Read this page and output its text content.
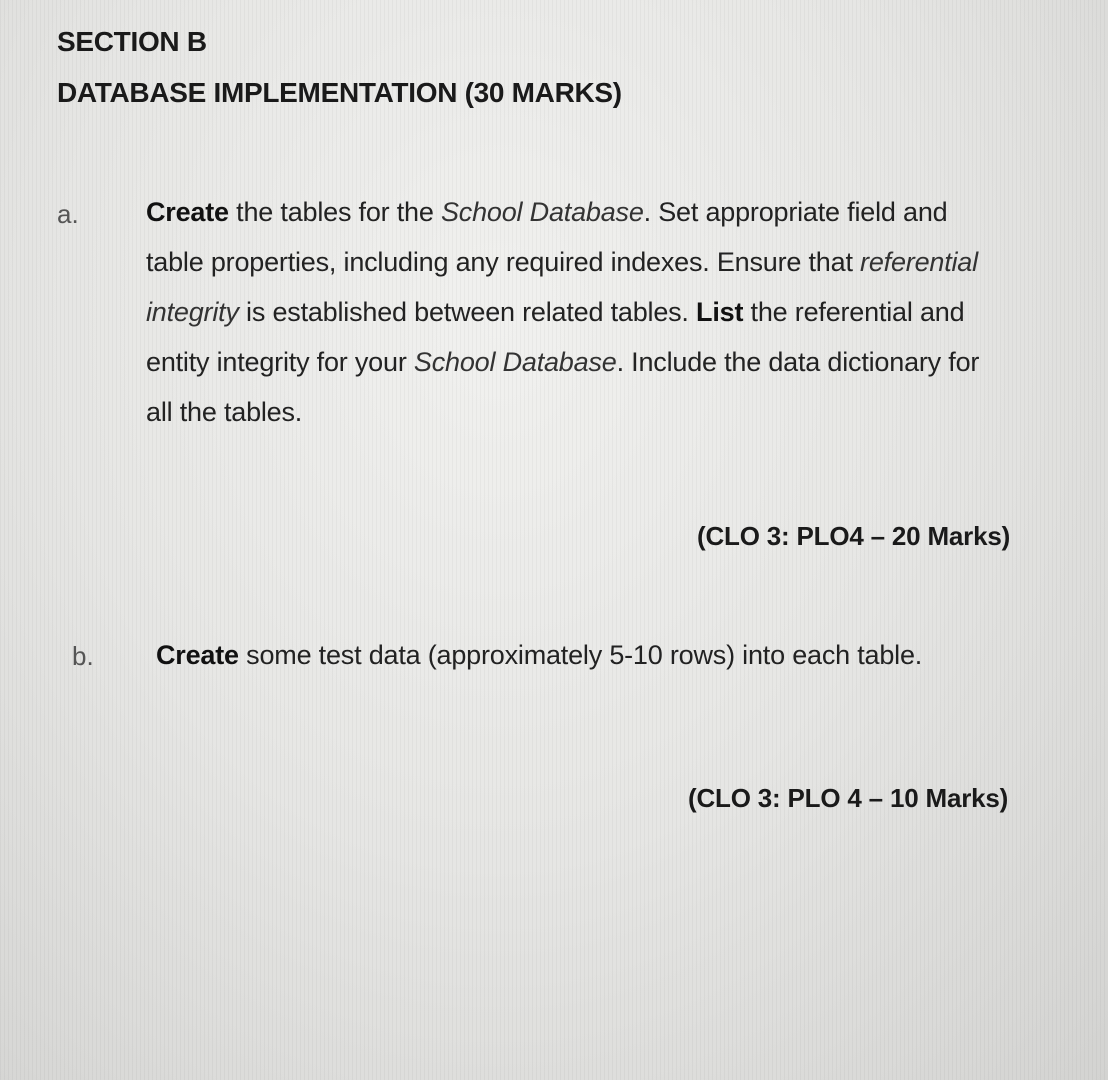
SECTION B

DATABASE IMPLEMENTATION (30 MARKS)

a. Create the tables for the School Database. Set appropriate field and

table properties, including any required indexes. Ensure that referential

integrity is established between related tables. List the referential and

entity integrity for your School Database. Include the data dictionary for

all the tables.

(CLO 3: PLO4 – 20 Marks)

b. Create some test data (approximately 5-10 rows) into each table.

(CLO 3: PLO 4 – 10 Marks)
